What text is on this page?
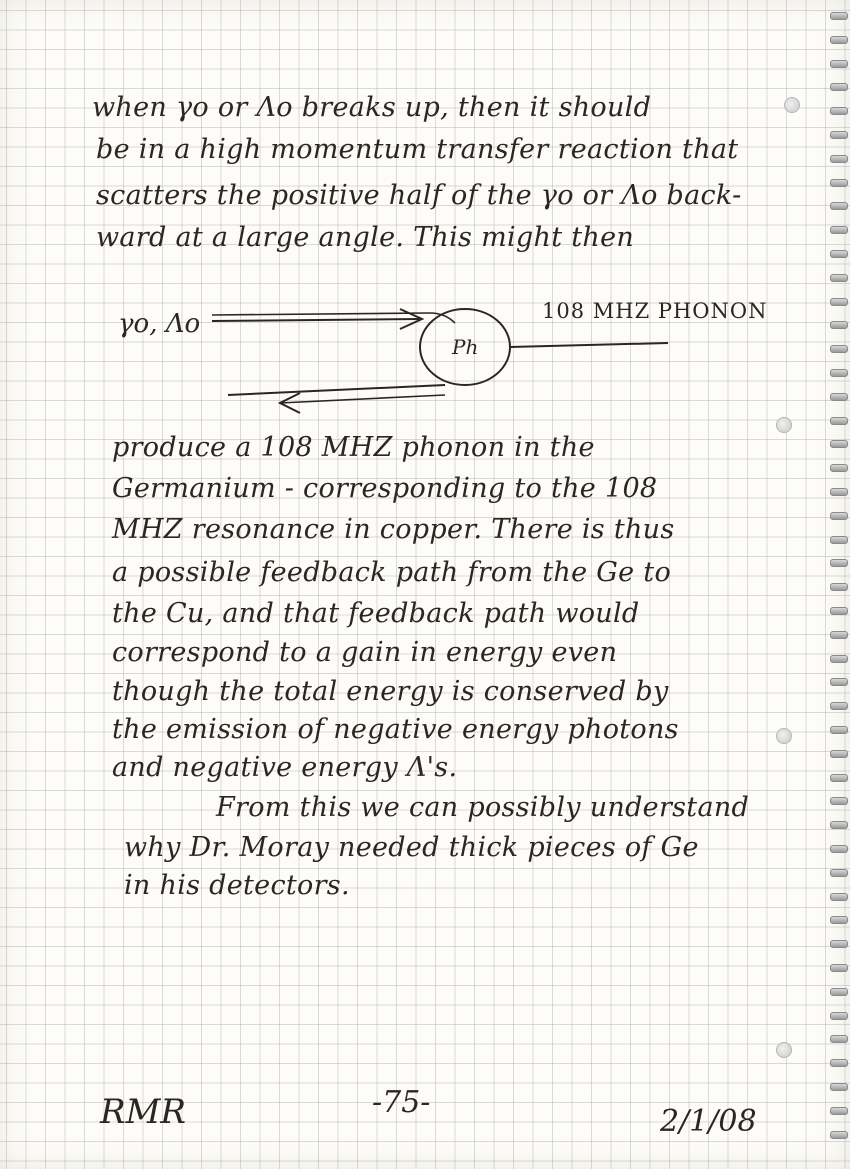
when γo or Λo breaks up, then it should
be in a high momentum transfer reaction that
scatters the positive half of the γo or Λo back-
ward at a large angle. This might then
γo, Λo
Ph
108 MHZ PHONON
produce a 108 MHZ phonon in the
Germanium - corresponding to the 108
MHZ resonance in copper. There is thus
a possible feedback path from the Ge to
the Cu, and that feedback path would
correspond to a gain in energy even
though the total energy is conserved by
the emission of negative energy photons
and negative energy Λ's.
From this we can possibly understand
why Dr. Moray needed thick pieces of Ge
in his detectors.
RMR	-75-
2/1/08
